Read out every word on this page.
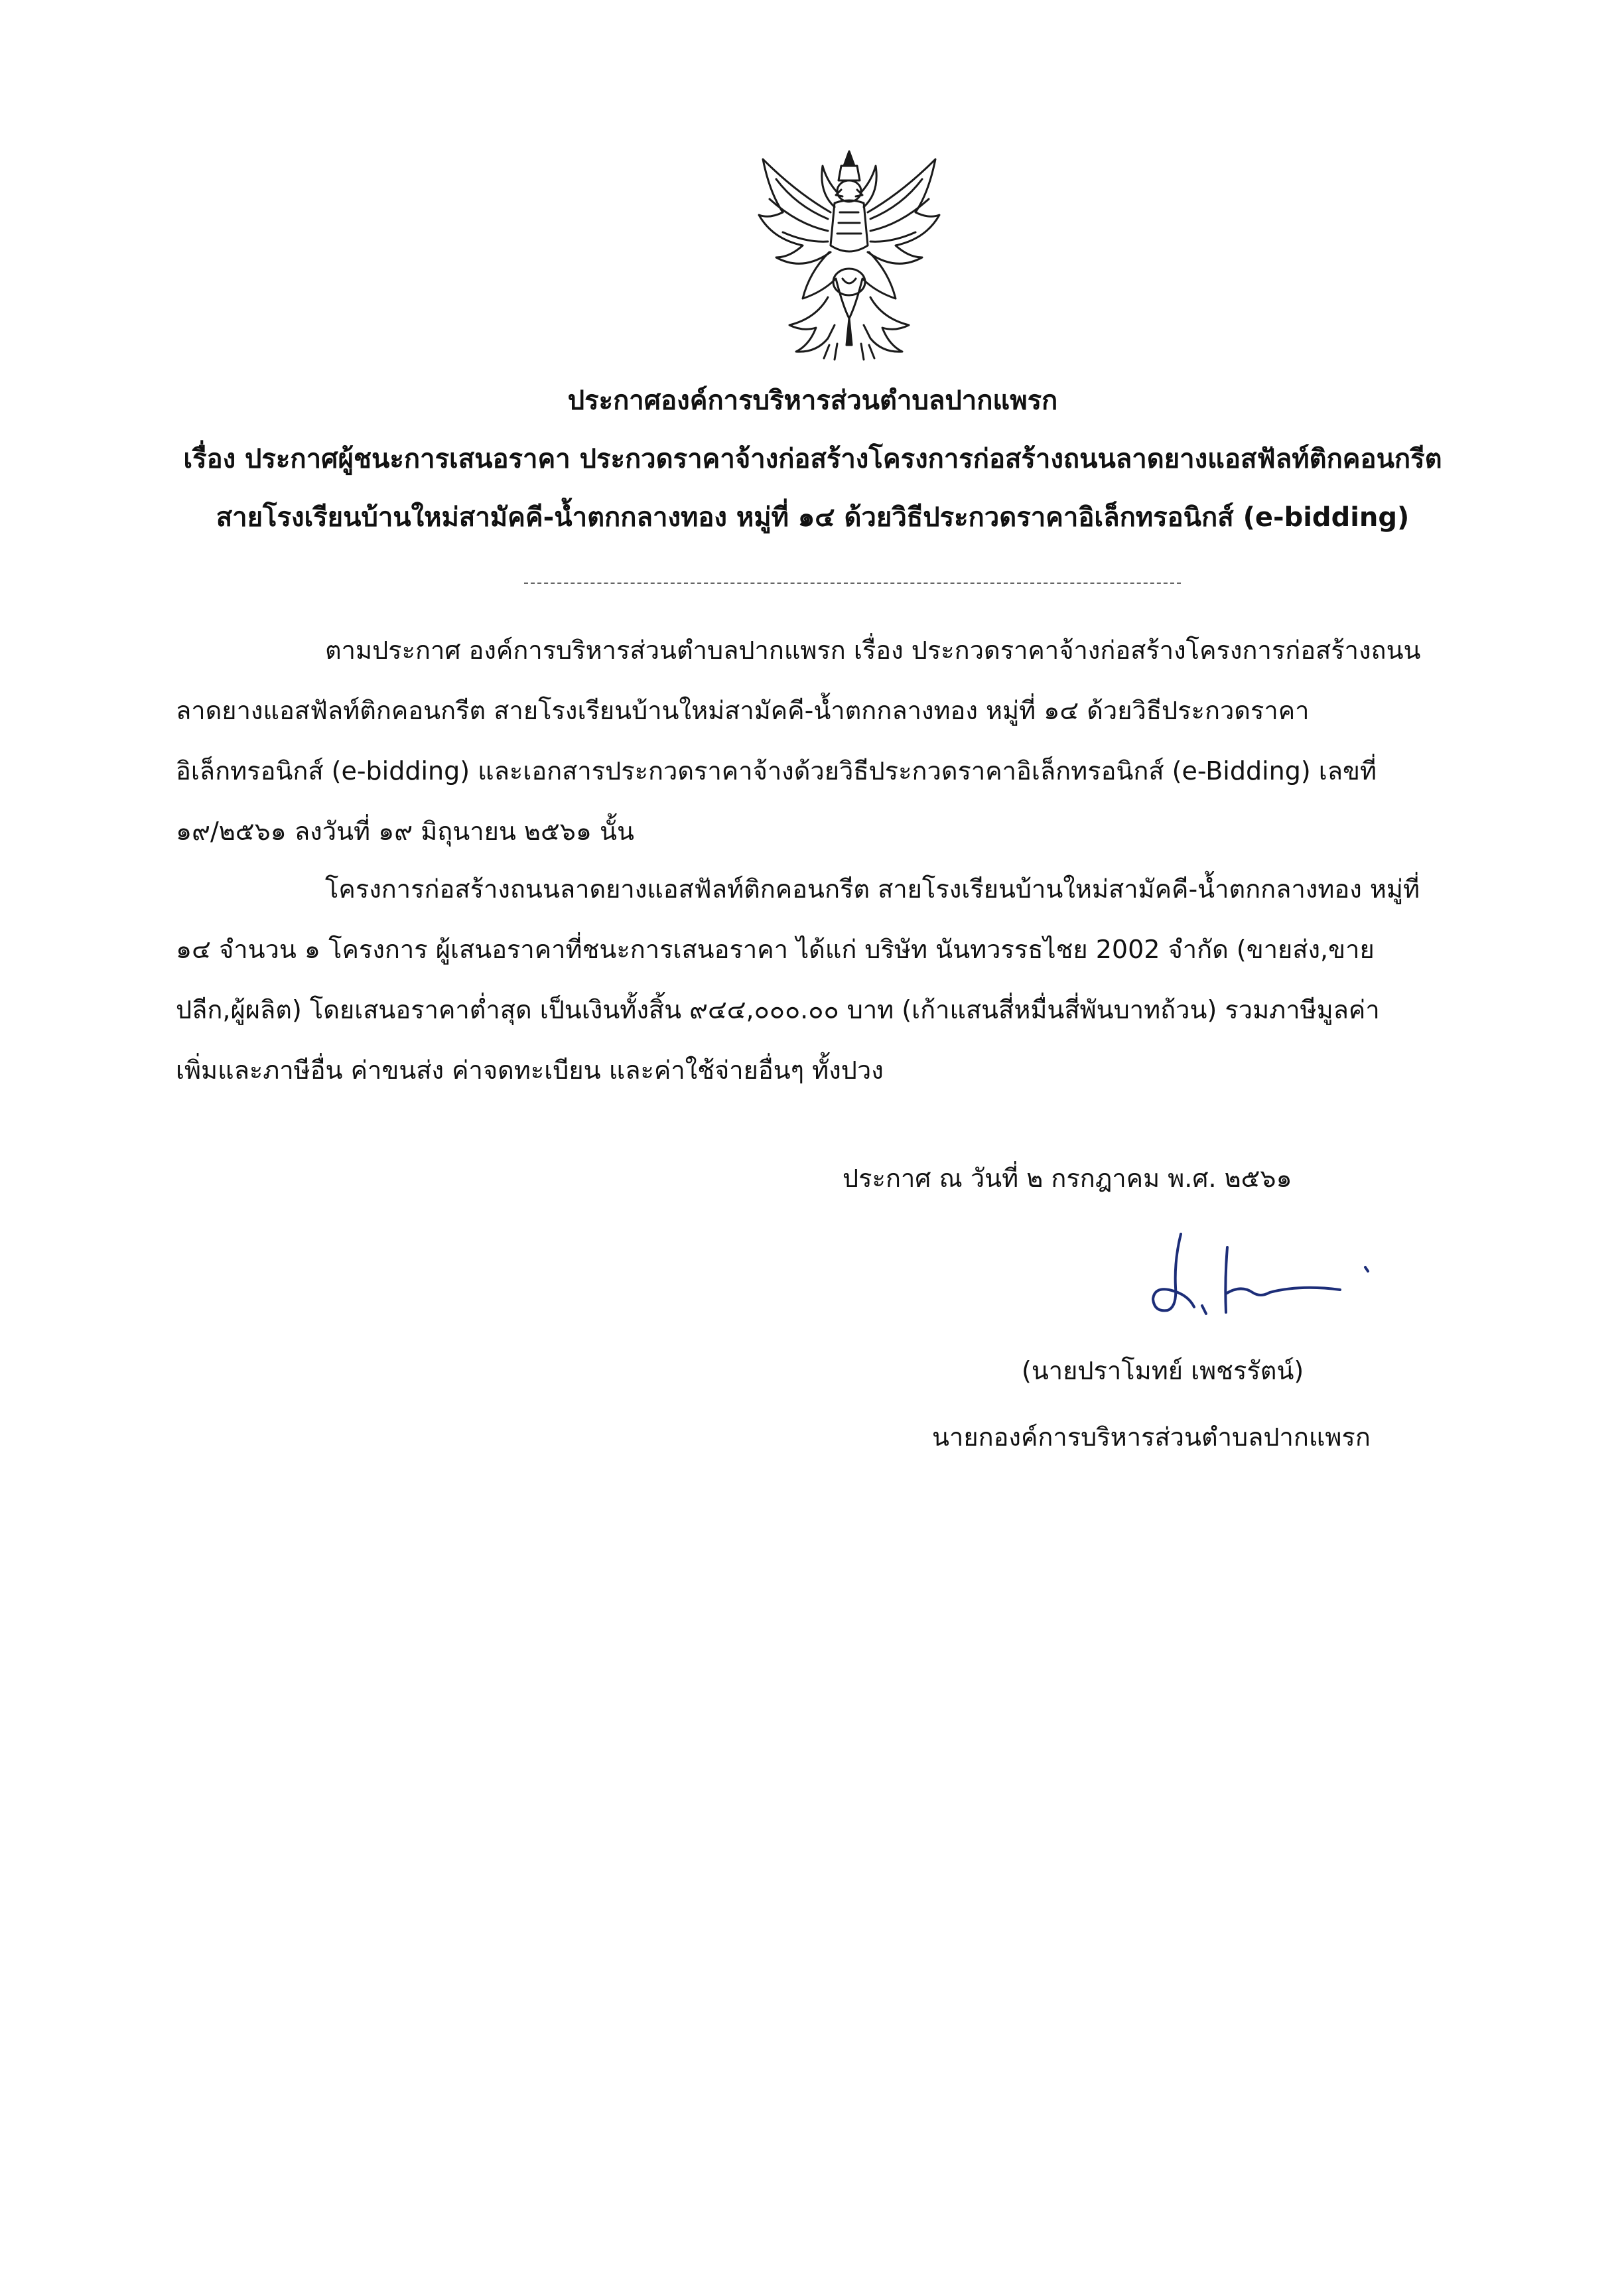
ประกาศองค์การบริหารส่วนตำบลปากแพรก
เรื่อง ประกาศผู้ชนะการเสนอราคา ประกวดราคาจ้างก่อสร้างโครงการก่อสร้างถนนลาดยางแอสฟัลท์ติกคอนกรีต
สายโรงเรียนบ้านใหม่สามัคคี-น้ำตกกลางทอง หมู่ที่ ๑๔ ด้วยวิธีประกวดราคาอิเล็กทรอนิกส์ (e-bidding)
ตามประกาศ องค์การบริหารส่วนตำบลปากแพรก เรื่อง ประกวดราคาจ้างก่อสร้างโครงการก่อสร้างถนน
ลาดยางแอสฟัลท์ติกคอนกรีต สายโรงเรียนบ้านใหม่สามัคคี-น้ำตกกลางทอง หมู่ที่ ๑๔ ด้วยวิธีประกวดราคา
อิเล็กทรอนิกส์ (e-bidding) และเอกสารประกวดราคาจ้างด้วยวิธีประกวดราคาอิเล็กทรอนิกส์ (e-Bidding) เลขที่
๑๙/๒๕๖๑ ลงวันที่ ๑๙ มิถุนายน ๒๕๖๑ นั้น
โครงการก่อสร้างถนนลาดยางแอสฟัลท์ติกคอนกรีต สายโรงเรียนบ้านใหม่สามัคคี-น้ำตกกลางทอง หมู่ที่
๑๔ จำนวน ๑ โครงการ ผู้เสนอราคาที่ชนะการเสนอราคา ได้แก่ บริษัท นันทวรรธไชย 2002 จำกัด (ขายส่ง,ขาย
ปลีก,ผู้ผลิต) โดยเสนอราคาต่ำสุด เป็นเงินทั้งสิ้น ๙๔๔,๐๐๐.๐๐ บาท (เก้าแสนสี่หมื่นสี่พันบาทถ้วน) รวมภาษีมูลค่า
เพิ่มและภาษีอื่น ค่าขนส่ง ค่าจดทะเบียน และค่าใช้จ่ายอื่นๆ ทั้งปวง
ประกาศ ณ วันที่ ๒ กรกฎาคม พ.ศ. ๒๕๖๑
(นายปราโมทย์ เพชรรัตน์)
นายกองค์การบริหารส่วนตำบลปากแพรก
